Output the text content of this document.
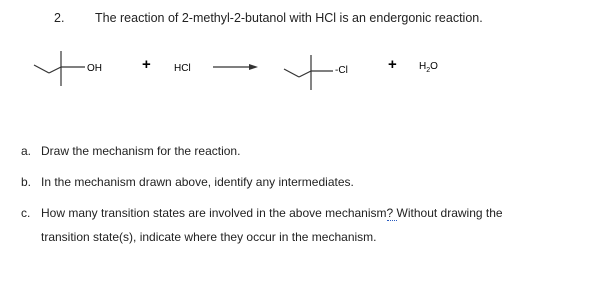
2. The reaction of 2-methyl-2-butanol with HCl is an endergonic reaction.
OH	+ HCl	-Cl	+ $H_2O$
a. Draw the mechanism for the reaction.
b. In the mechanism drawn above, identify any intermediates.
c. How many transition states are involved in the above mechanism? Without drawing the
transition state(s), indicate where they occur in the mechanism.
